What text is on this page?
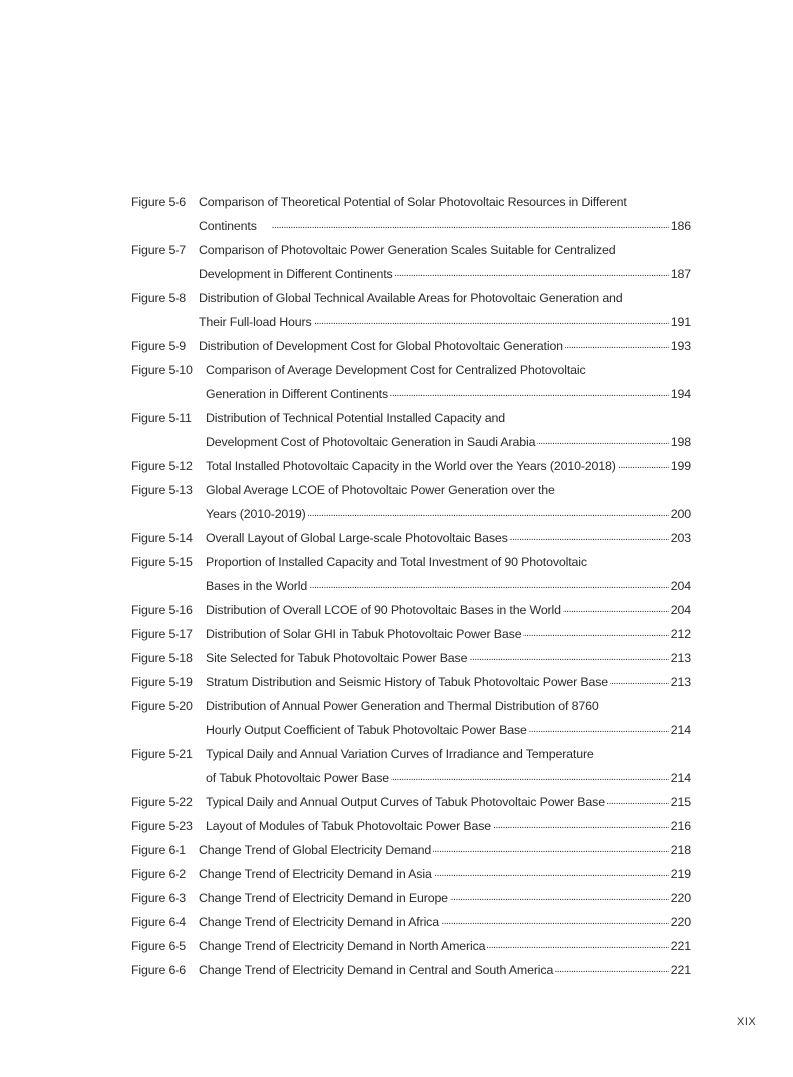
Figure 5-6	Comparison of Theoretical Potential of Solar Photovoltaic Resources in Different
Continents . . .	186
Figure 5-7	Comparison of Photovoltaic Power Generation Scales Suitable for Centralized
Development in Different Continents . . .	187
Figure 5-8	Distribution of Global Technical Available Areas for Photovoltaic Generation and
Their Full-load Hours . . .	191
Figure 5-9	Distribution of Development Cost for Global Photovoltaic Generation . . .	193
Figure 5-10	Comparison of Average Development Cost for Centralized Photovoltaic
Generation in Different Continents . . .	194
Figure 5-11	Distribution of Technical Potential Installed Capacity and
Development Cost of Photovoltaic Generation in Saudi Arabia . . .	198
Figure 5-12	Total Installed Photovoltaic Capacity in the World over the Years (2010-2018) . . .	199
Figure 5-13	Global Average LCOE of Photovoltaic Power Generation over the
Years (2010-2019) . . .	200
Figure 5-14	Overall Layout of Global Large-scale Photovoltaic Bases . . .	203
Figure 5-15	Proportion of Installed Capacity and Total Investment of 90 Photovoltaic
Bases in the World . . .	204
Figure 5-16	Distribution of Overall LCOE of 90 Photovoltaic Bases in the World . . .	204
Figure 5-17	Distribution of Solar GHI in Tabuk Photovoltaic Power Base . . .	212
Figure 5-18	Site Selected for Tabuk Photovoltaic Power Base . . .	213
Figure 5-19	Stratum Distribution and Seismic History of Tabuk Photovoltaic Power Base . . .	213
Figure 5-20	Distribution of Annual Power Generation and Thermal Distribution of 8760
Hourly Output Coefficient of Tabuk Photovoltaic Power Base . . .	214
Figure 5-21	Typical Daily and Annual Variation Curves of Irradiance and Temperature
of Tabuk Photovoltaic Power Base . . .	214
Figure 5-22	Typical Daily and Annual Output Curves of Tabuk Photovoltaic Power Base . . .	215
Figure 5-23	Layout of Modules of Tabuk Photovoltaic Power Base . . .	216
Figure 6-1	Change Trend of Global Electricity Demand . . .	218
Figure 6-2	Change Trend of Electricity Demand in Asia . . .	219
Figure 6-3	Change Trend of Electricity Demand in Europe . . .	220
Figure 6-4	Change Trend of Electricity Demand in Africa . . .	220
Figure 6-5	Change Trend of Electricity Demand in North America . . .	221
Figure 6-6	Change Trend of Electricity Demand in Central and South America . . .	221
XIX
